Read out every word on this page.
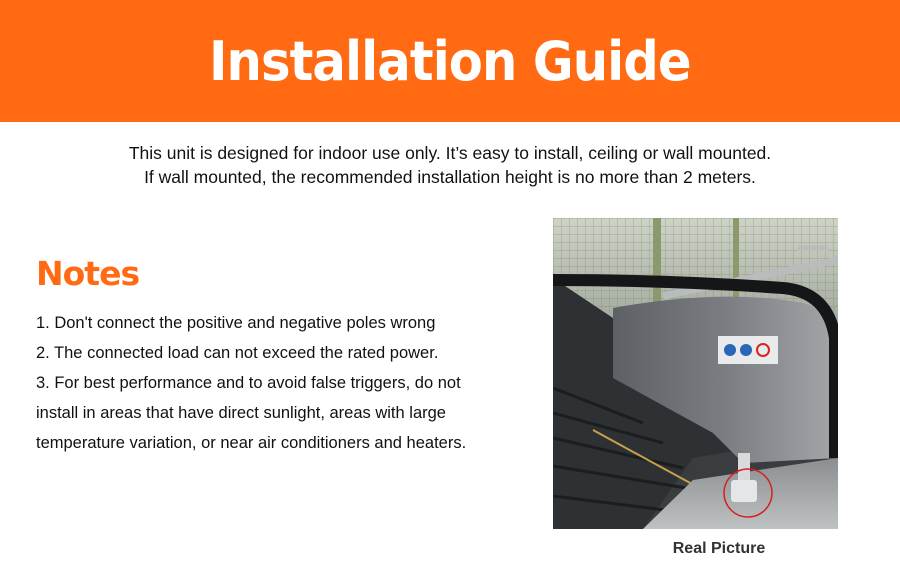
Installation Guide

This unit is designed for indoor use only. It’s easy to install, ceiling or wall mounted.

If wall mounted, the recommended installation height is no more than 2 meters.

Notes
1. Don't connect the positive and negative poles wrong
2. The connected load can not exceed the rated power.
3. For best performance and to avoid false triggers, do not
install in areas that have direct sunlight, areas with large
temperature variation, or near air conditioners and heaters.
Real Picture
